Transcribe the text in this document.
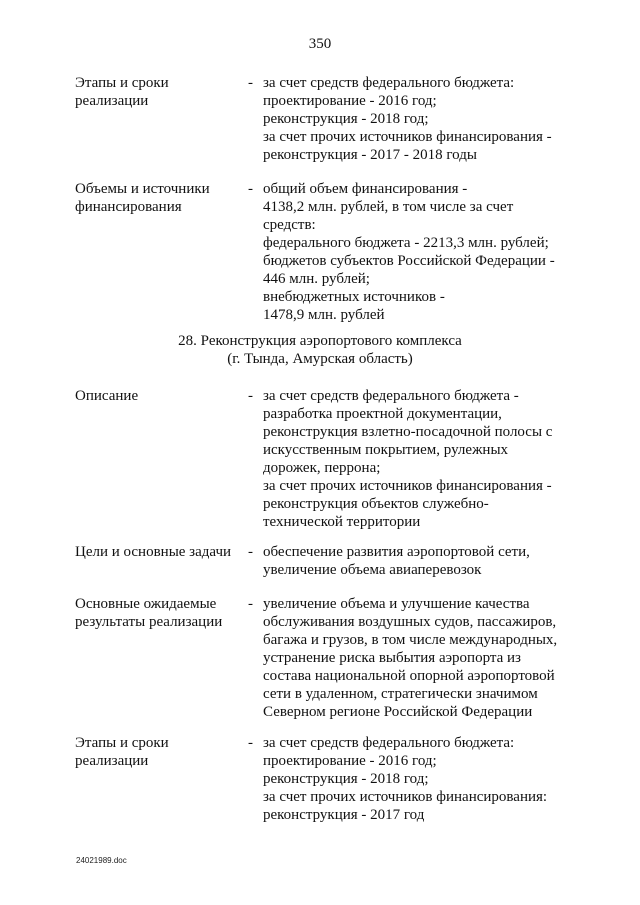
350
Этапы и сроки
реализации
- за счет средств федерального бюджета:
проектирование - 2016 год;
реконструкция - 2018 год;
за счет прочих источников финансирования -
реконструкция - 2017 - 2018 годы
Объемы и источники
финансирования
- общий объем финансирования -
4138,2 млн. рублей, в том числе за счет
средств:
федерального бюджета - 2213,3 млн. рублей;
бюджетов субъектов Российской Федерации -
446 млн. рублей;
внебюджетных источников -
1478,9 млн. рублей
28. Реконструкция аэропортового комплекса
(г. Тында, Амурская область)
Описание	- за счет средств федерального бюджета -
разработка проектной документации,
реконструкция взлетно-посадочной полосы с
искусственным покрытием, рулежных
дорожек, перрона;
за счет прочих источников финансирования -
реконструкция объектов служебно-
технической территории
Цели и основные задачи	- обеспечение развития аэропортовой сети,
увеличение объема авиаперевозок
Основные ожидаемые
результаты реализации
- увеличение объема и улучшение качества
обслуживания воздушных судов, пассажиров,
багажа и грузов, в том числе международных,
устранение риска выбытия аэропорта из
состава национальной опорной аэропортовой
сети в удаленном, стратегически значимом
Северном регионе Российской Федерации
Этапы и сроки
реализации
- за счет средств федерального бюджета:
проектирование - 2016 год;
реконструкция - 2018 год;
за счет прочих источников финансирования:
реконструкция - 2017 год
24021989.doc
